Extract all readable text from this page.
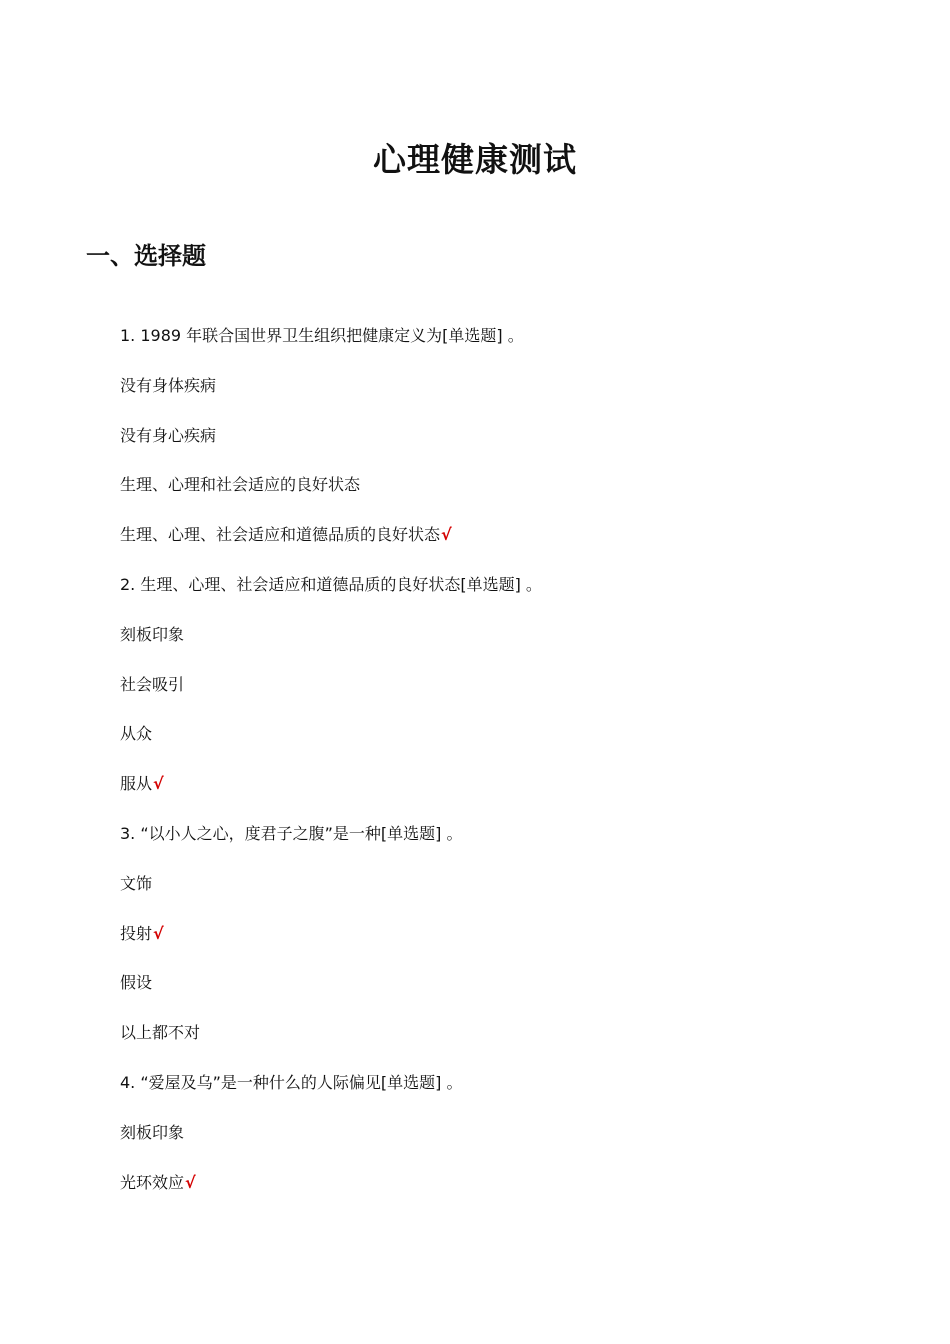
心理健康测试
一、选择题
1. 1989 年联合国世界卫生组织把健康定义为[单选题] 。
没有身体疾病
没有身心疾病
生理、心理和社会适应的良好状态
生理、心理、社会适应和道德品质的良好状态√
2. 生理、心理、社会适应和道德品质的良好状态[单选题] 。
刻板印象
社会吸引
从众
服从√
3. “以小人之心，度君子之腹”是一种[单选题] 。
文饰
投射√
假设
以上都不对
4. “爱屋及乌”是一种什么的人际偏见[单选题] 。
刻板印象
光环效应√
